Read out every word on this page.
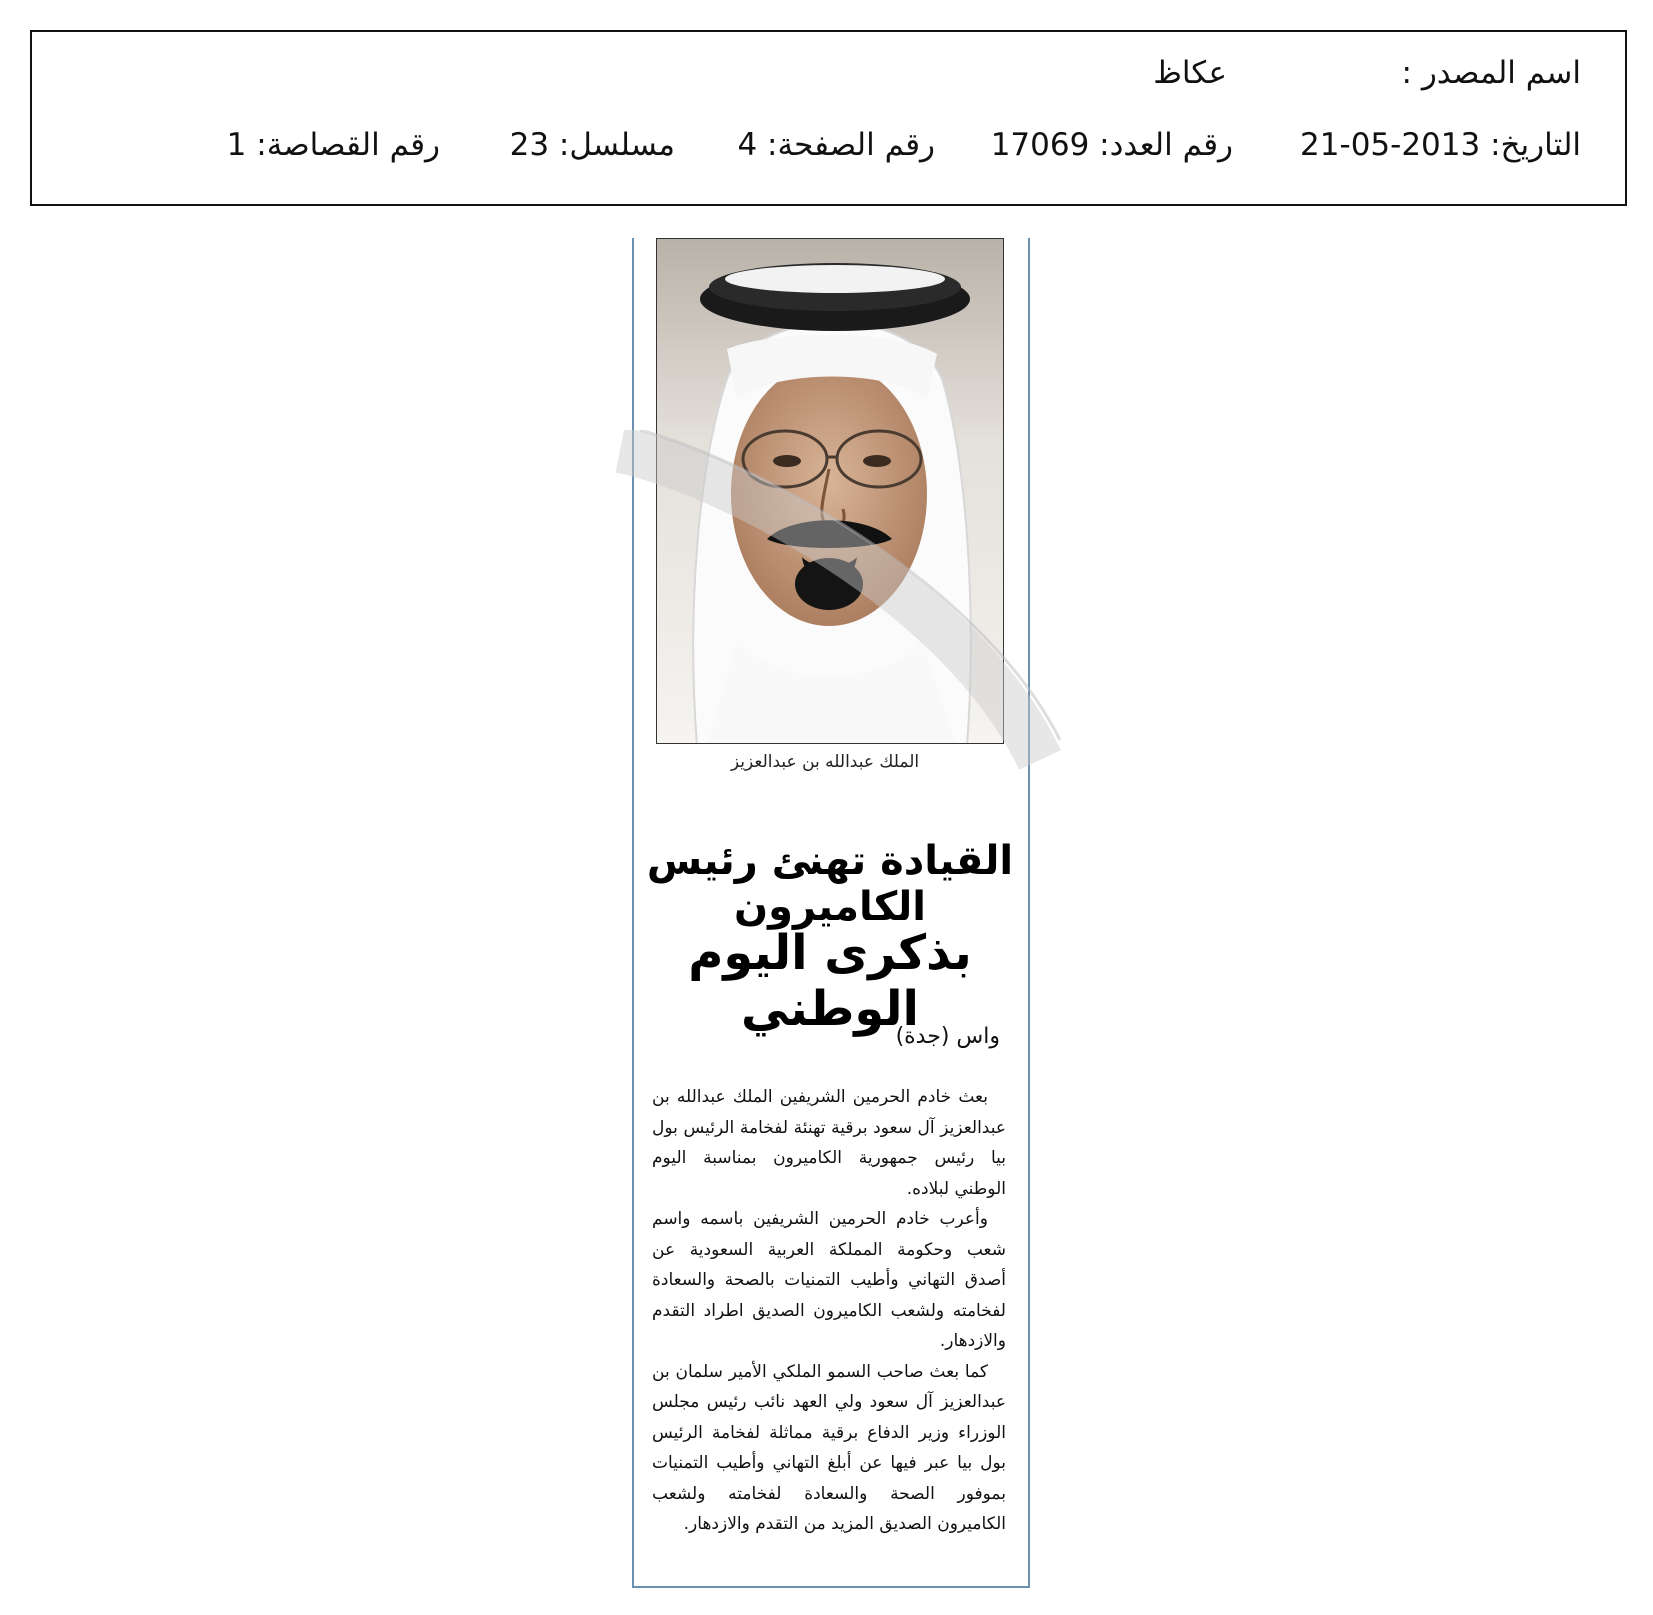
اسم المصدر :
عكاظ
التاريخ: 2013-05-21
رقم العدد: 17069
رقم الصفحة: 4
مسلسل: 23
رقم القصاصة: 1
الملك عبدالله بن عبدالعزيز
القيادة تهنئ رئيس الكاميرون
بذكرى اليوم الوطني
واس (جدة)

بعث خادم الحرمين الشريفين الملك عبدالله بن عبدالعزيز آل سعود برقية تهنئة لفخامة الرئيس بول بيا رئيس جمهورية الكاميرون بمناسبة اليوم الوطني لبلاده.

وأعرب خادم الحرمين الشريفين باسمه واسم شعب وحكومة المملكة العربية السعودية عن أصدق التهاني وأطيب التمنيات بالصحة والسعادة لفخامته ولشعب الكاميرون الصديق اطراد التقدم والازدهار.

كما بعث صاحب السمو الملكي الأمير سلمان بن عبدالعزيز آل سعود ولي العهد نائب رئيس مجلس الوزراء وزير الدفاع برقية مماثلة لفخامة الرئيس بول بيا عبر فيها عن أبلغ التهاني وأطيب التمنيات بموفور الصحة والسعادة لفخامته ولشعب الكاميرون الصديق المزيد من التقدم والازدهار.
